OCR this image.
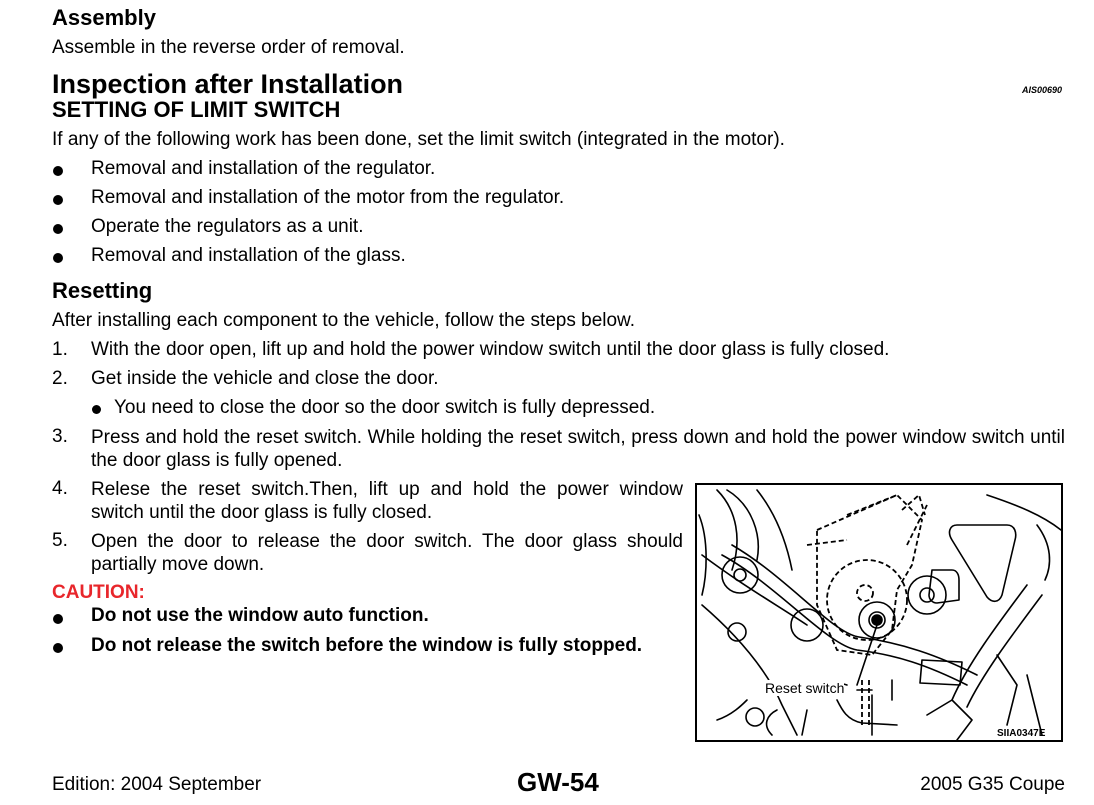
Assembly
Assemble in the reverse order of removal.
Inspection after Installation	AIS00690
SETTING OF LIMIT SWITCH
If any of the following work has been done, set the limit switch (integrated in the motor).
Removal and installation of the regulator.
Removal and installation of the motor from the regulator.
Operate the regulators as a unit.
Removal and installation of the glass.
Resetting
After installing each component to the vehicle, follow the steps below.
1. With the door open, lift up and hold the power window switch until the door glass is fully closed.
2. Get inside the vehicle and close the door.
You need to close the door so the door switch is fully depressed.
3. Press and hold the reset switch. While holding the reset switch, press down and hold the power window switch until the door glass is fully opened.
4. Relese the reset switch.Then, lift up and hold the power window switch until the door glass is fully closed.
5. Open the door to release the door switch. The door glass should partially move down.
CAUTION:
Do not use the window auto function.
Do not release the switch before the window is fully stopped.
Reset switch
SIIA0347E
Edition: 2004 September	GW-54	2005 G35 Coupe
